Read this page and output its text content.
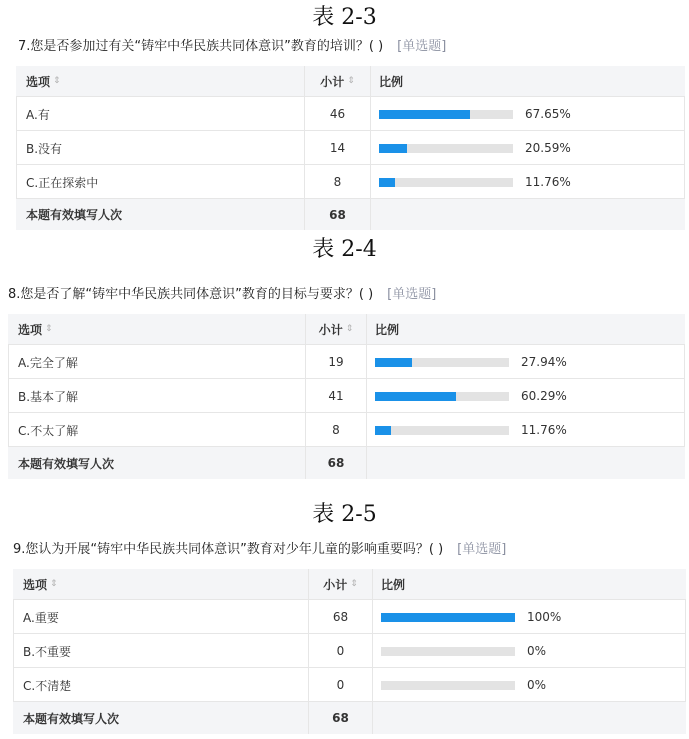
表 2-3
7.您是否参加过有关“铸牢中华民族共同体意识”教育的培训？( ) [单选题]
选项 ⇕	小计 ⇕ 比例
A.有	46	67.65%
B.没有	14	20.59%
C.正在探索中	8	11.76%
本题有效填写人次	68
表 2-4
8.您是否了解“铸牢中华民族共同体意识”教育的目标与要求？( ) [单选题]
选项 ⇕	小计 ⇕ 比例
A.完全了解	19	27.94%
B.基本了解	41	60.29%
C.不太了解	8	11.76%
本题有效填写人次	68
表 2-5
9.您认为开展“铸牢中华民族共同体意识”教育对少年儿童的影响重要吗？( ) [单选题]
选项 ⇕	小计 ⇕ 比例
A.重要	68	100%
B.不重要	0	0%
C.不清楚	0	0%
本题有效填写人次	68
